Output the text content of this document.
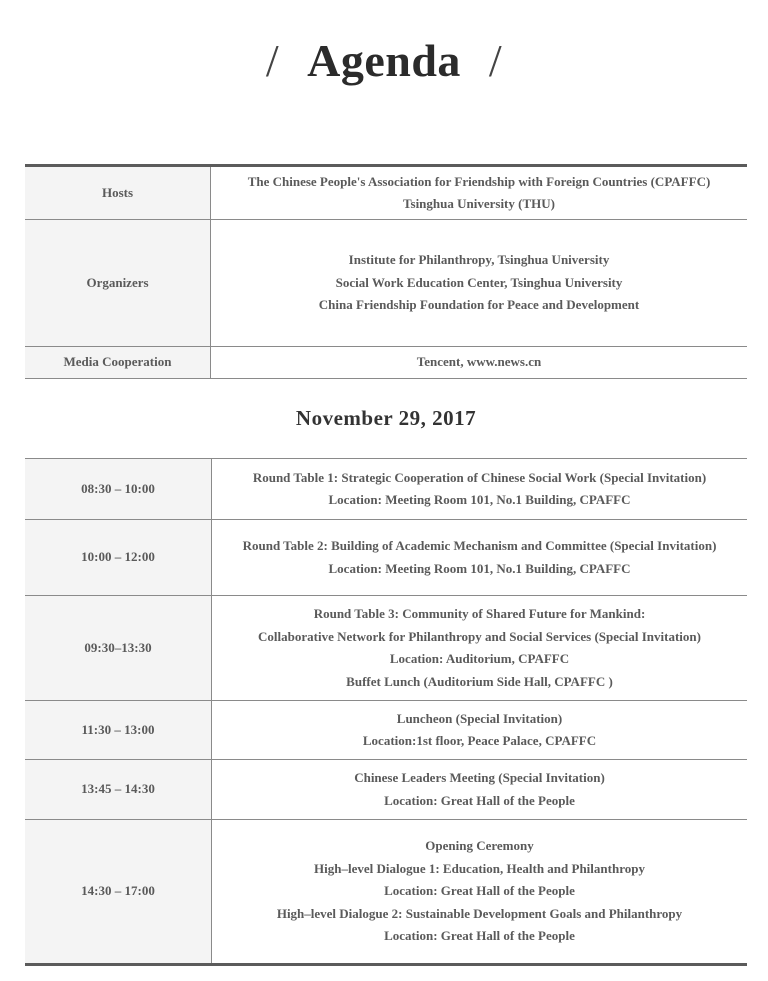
/ Agenda /
Hosts	The Chinese People's Association for Friendship with Foreign Countries (CPAFFC)
Tsinghua University (THU)

Organizers	Institute for Philanthropy, Tsinghua University
Social Work Education Center, Tsinghua University
China Friendship Foundation for Peace and Development

Media Cooperation	Tencent, www.news.cn
November 29, 2017
08:30 – 10:00	Round Table 1: Strategic Cooperation of Chinese Social Work (Special Invitation)
Location: Meeting Room 101, No.1 Building, CPAFFC

10:00 – 12:00	Round Table 2: Building of Academic Mechanism and Committee (Special Invitation)
Location: Meeting Room 101, No.1 Building, CPAFFC

09:30–13:30	Round Table 3: Community of Shared Future for Mankind:
Collaborative Network for Philanthropy and Social Services (Special Invitation)
Location: Auditorium, CPAFFC
Buffet Lunch (Auditorium Side Hall, CPAFFC )

11:30 – 13:00	Luncheon (Special Invitation)
Location:1st floor, Peace Palace, CPAFFC

13:45 – 14:30	Chinese Leaders Meeting (Special Invitation)
Location: Great Hall of the People

14:30 – 17:00	Opening Ceremony
High–level Dialogue 1: Education, Health and Philanthropy
Location: Great Hall of the People
High–level Dialogue 2: Sustainable Development Goals and Philanthropy
Location: Great Hall of the People
